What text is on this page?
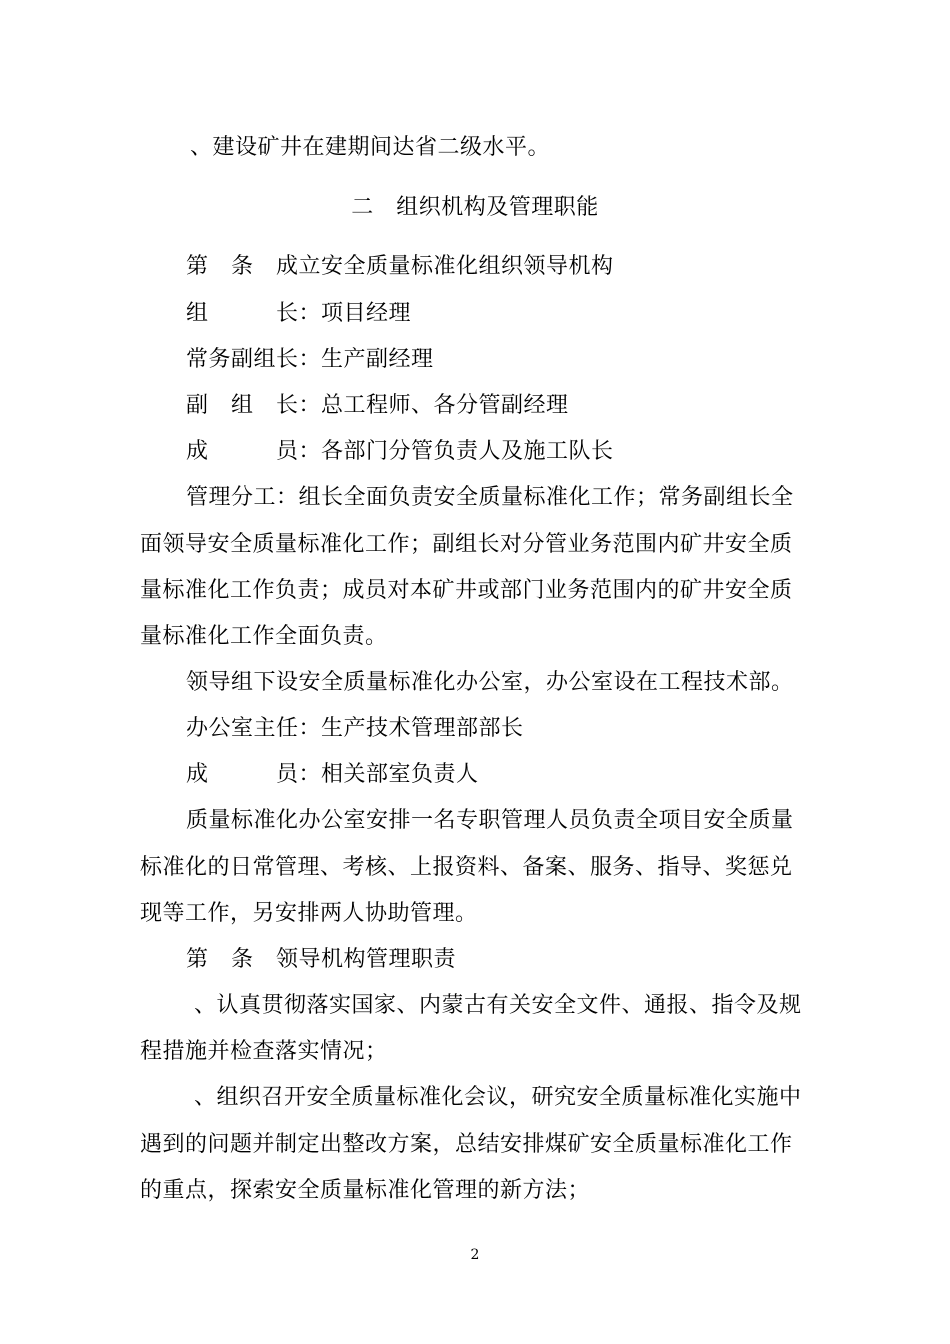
、建设矿井在建期间达省二级水平。
二　组织机构及管理职能
第　条　成立安全质量标准化组织领导机构
组　　　长：项目经理
常务副组长：生产副经理
副　组　长：总工程师、各分管副经理
成　　　员：各部门分管负责人及施工队长
管理分工：组长全面负责安全质量标准化工作；常务副组长全
面领导安全质量标准化工作；副组长对分管业务范围内矿井安全质
量标准化工作负责；成员对本矿井或部门业务范围内的矿井安全质
量标准化工作全面负责。
领导组下设安全质量标准化办公室，办公室设在工程技术部。
办公室主任：生产技术管理部部长
成　　　员：相关部室负责人
质量标准化办公室安排一名专职管理人员负责全项目安全质量
标准化的日常管理、考核、上报资料、备案、服务、指导、奖惩兑
现等工作，另安排两人协助管理。
第　条　领导机构管理职责
、认真贯彻落实国家、内蒙古有关安全文件、通报、指令及规
程措施并检查落实情况；
、组织召开安全质量标准化会议，研究安全质量标准化实施中
遇到的问题并制定出整改方案，总结安排煤矿安全质量标准化工作
的重点，探索安全质量标准化管理的新方法；
2
